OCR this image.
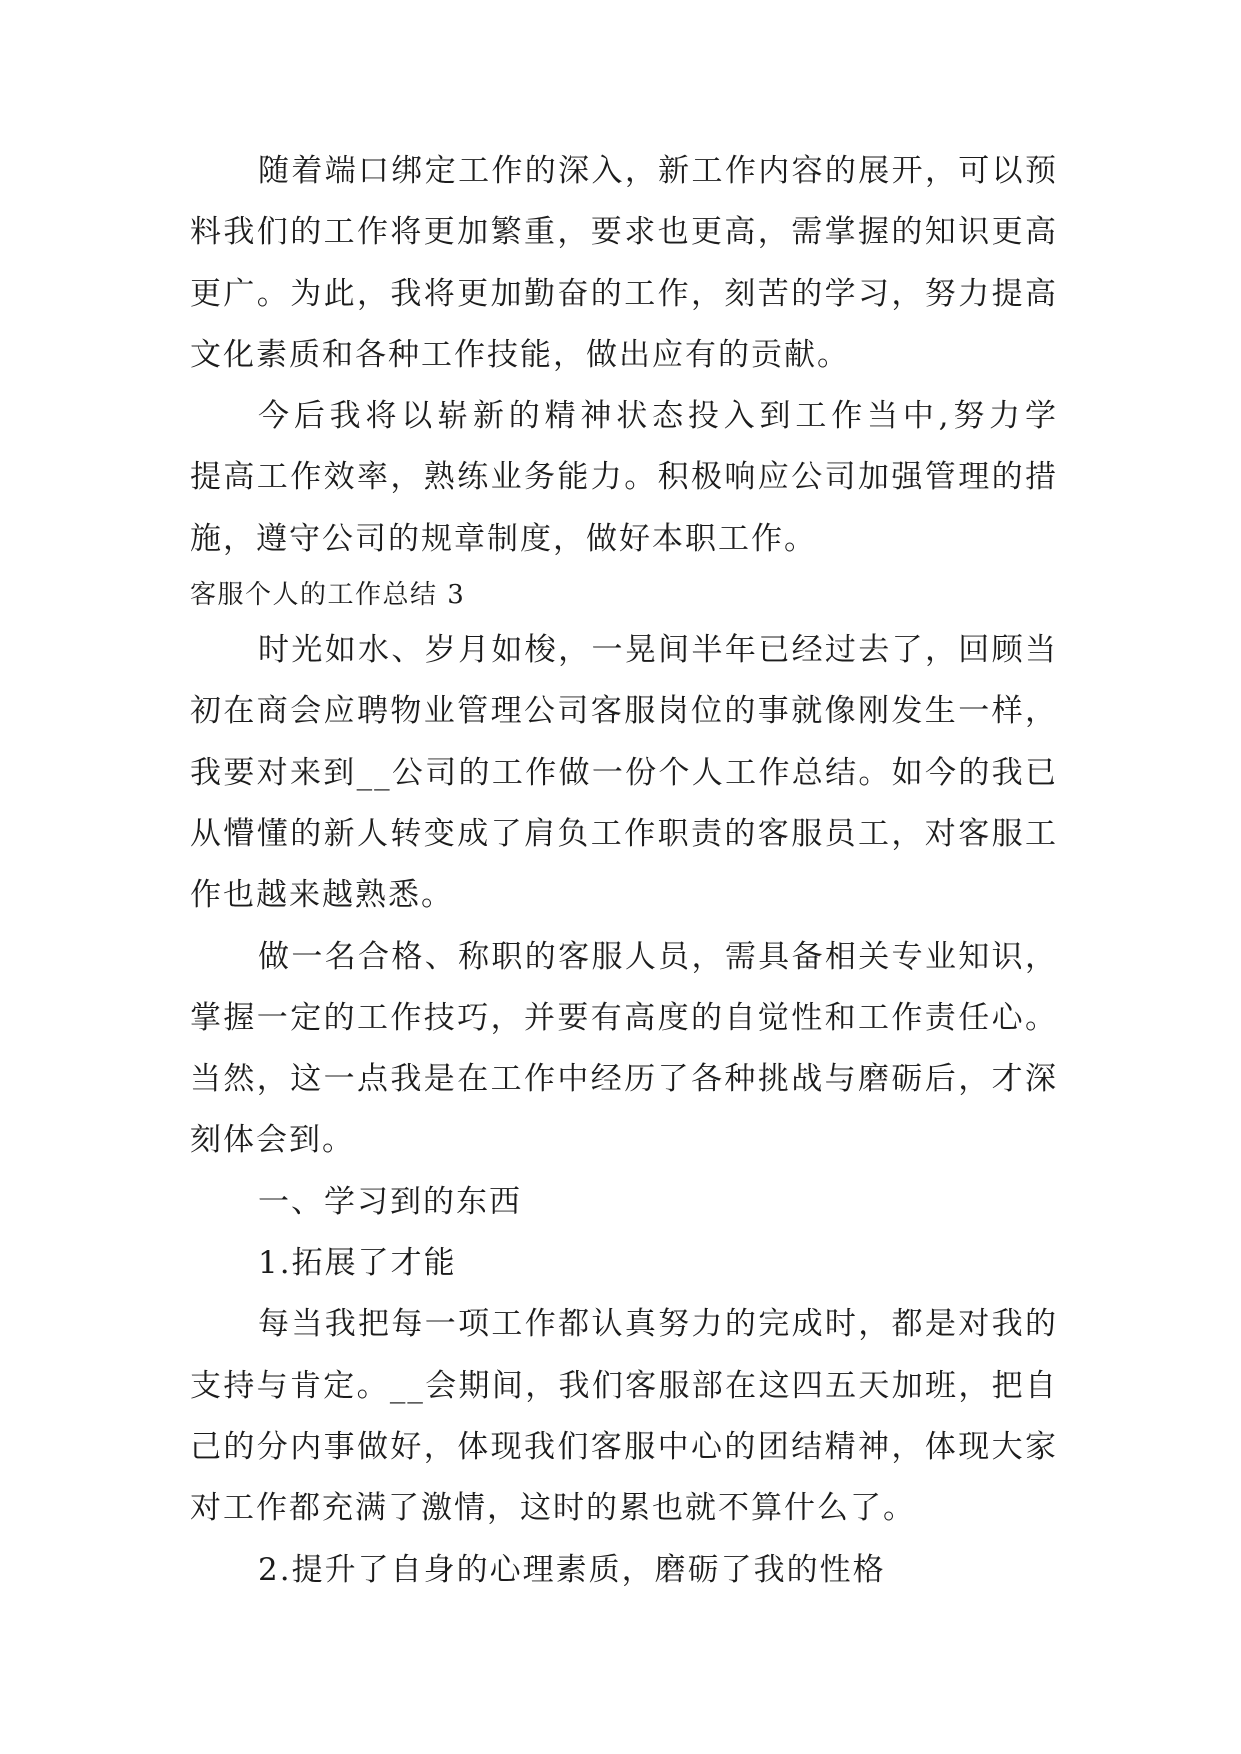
随着端口绑定工作的深入，新工作内容的展开，可以预
料我们的工作将更加繁重，要求也更高，需掌握的知识更高
更广。为此，我将更加勤奋的工作，刻苦的学习，努力提高
文化素质和各种工作技能，做出应有的贡献。
今后我将以崭新的精神状态投入到工作当中,努力学
提高工作效率，熟练业务能力。积极响应公司加强管理的措
施，遵守公司的规章制度，做好本职工作。
客服个人的工作总结 3
时光如水、岁月如梭，一晃间半年已经过去了，回顾当
初在商会应聘物业管理公司客服岗位的事就像刚发生一样，
我要对来到__公司的工作做一份个人工作总结。如今的我已
从懵懂的新人转变成了肩负工作职责的客服员工，对客服工
作也越来越熟悉。
做一名合格、称职的客服人员，需具备相关专业知识，
掌握一定的工作技巧，并要有高度的自觉性和工作责任心。
当然，这一点我是在工作中经历了各种挑战与磨砺后，才深
刻体会到。
一、学习到的东西
1.拓展了才能
每当我把每一项工作都认真努力的完成时，都是对我的
支持与肯定。__会期间，我们客服部在这四五天加班，把自
己的分内事做好，体现我们客服中心的团结精神，体现大家
对工作都充满了激情，这时的累也就不算什么了。
2.提升了自身的心理素质，磨砺了我的性格
